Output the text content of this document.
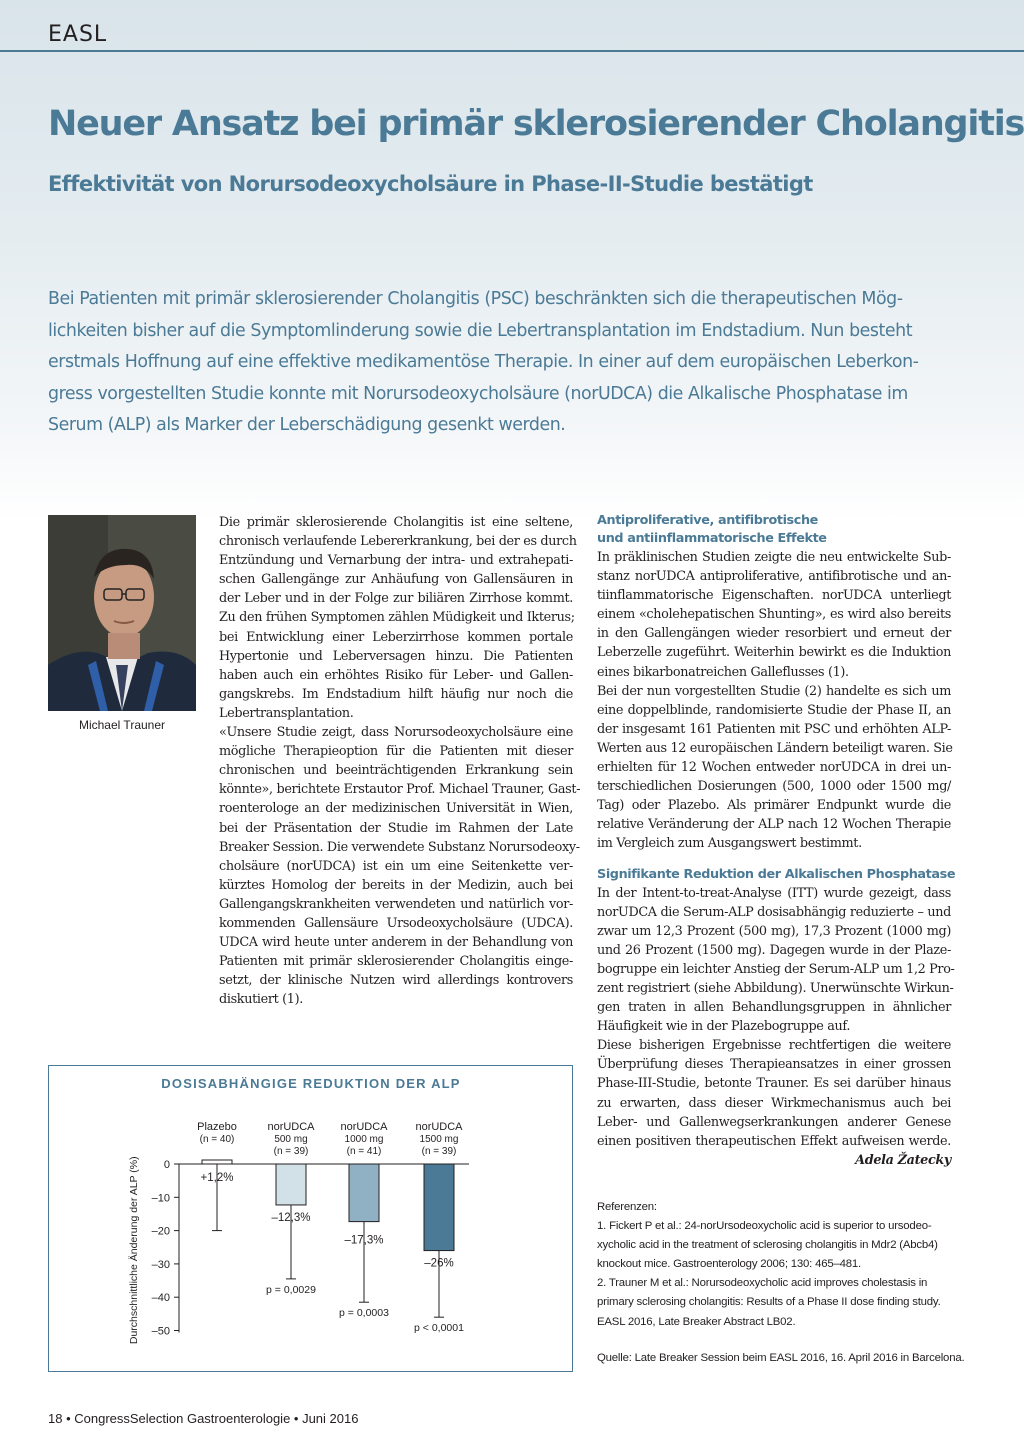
EASL
Neuer Ansatz bei primär sklerosierender Cholangitis
Effektivität von Norursodeoxycholsäure in Phase-II-Studie bestätigt
Bei Patienten mit primär sklerosierender Cholangitis (PSC) beschränkten sich die therapeutischen Mög-
lichkeiten bisher auf die Symptomlinderung sowie die Lebertransplantation im Endstadium. Nun besteht
erstmals Hoffnung auf eine effektive medikamentöse Therapie. In einer auf dem europäischen Leberkon-
gress vorgestellten Studie konnte mit Norursodeoxycholsäure (norUDCA) die Alkalische Phosphatase im
Serum (ALP) als Marker der Leberschädigung gesenkt werden.
Michael Trauner
Die primär sklerosierende Cholangitis ist eine seltene,
chronisch verlaufende Lebererkrankung, bei der es durch
Entzündung und Vernarbung der intra- und extrahepati-
schen Gallengänge zur Anhäufung von Gallensäuren in
der Leber und in der Folge zur biliären Zirrhose kommt.
Zu den frühen Symptomen zählen Müdigkeit und Ikterus;
bei Entwicklung einer Leberzirrhose kommen portale
Hypertonie und Leberversagen hinzu. Die Patienten
haben auch ein erhöhtes Risiko für Leber- und Gallen-
gangskrebs. Im Endstadium hilft häufig nur noch die
Lebertransplantation.
«Unsere Studie zeigt, dass Norursodeoxycholsäure eine
mögliche Therapieoption für die Patienten mit dieser
chronischen und beeinträchtigenden Erkrankung sein
könnte», berichtete Erstautor Prof. Michael Trauner, Gast-
roenterologe an der medizinischen Universität in Wien,
bei der Präsentation der Studie im Rahmen der Late
Breaker Session. Die verwendete Substanz Norursodeoxy-
cholsäure (norUDCA) ist ein um eine Seitenkette ver-
kürztes Homolog der bereits in der Medizin, auch bei
Gallengangskrankheiten verwendeten und natürlich vor-
kommenden Gallensäure Ursodeoxycholsäure (UDCA).
UDCA wird heute unter anderem in der Behandlung von
Patienten mit primär sklerosierender Cholangitis einge-
setzt, der klinische Nutzen wird allerdings kontrovers
diskutiert (1).
Antiproliferative, antifibrotische
und antiinflammatorische Effekte
In präklinischen Studien zeigte die neu entwickelte Sub-
stanz norUDCA antiproliferative, antifibrotische und an-
tiinflammatorische Eigenschaften. norUDCA unterliegt
einem «cholehepatischen Shunting», es wird also bereits
in den Gallengängen wieder resorbiert und erneut der
Leberzelle zugeführt. Weiterhin bewirkt es die Induktion
eines bikarbonatreichen Galleflusses (1).
Bei der nun vorgestellten Studie (2) handelte es sich um
eine doppelblinde, randomisierte Studie der Phase II, an
der insgesamt 161 Patienten mit PSC und erhöhten ALP-
Werten aus 12 europäischen Ländern beteiligt waren. Sie
erhielten für 12 Wochen entweder norUDCA in drei un-
terschiedlichen Dosierungen (500, 1000 oder 1500 mg/
Tag) oder Plazebo. Als primärer Endpunkt wurde die
relative Veränderung der ALP nach 12 Wochen Therapie
im Vergleich zum Ausgangswert bestimmt.
Signifikante Reduktion der Alkalischen Phosphatase
In der Intent-to-treat-Analyse (ITT) wurde gezeigt, dass
norUDCA die Serum-ALP dosisabhängig reduzierte – und
zwar um 12,3 Prozent (500 mg), 17,3 Prozent (1000 mg)
und 26 Prozent (1500 mg). Dagegen wurde in der Plaze-
bogruppe ein leichter Anstieg der Serum-ALP um 1,2 Pro-
zent registriert (siehe Abbildung). Unerwünschte Wirkun-
gen traten in allen Behandlungsgruppen in ähnlicher
Häufigkeit wie in der Plazebogruppe auf.
Diese bisherigen Ergebnisse rechtfertigen die weitere
Überprüfung dieses Therapieansatzes in einer grossen
Phase-III-Studie, betonte Trauner. Es sei darüber hinaus
zu erwarten, dass dieser Wirkmechanismus auch bei
Leber- und Gallenwegserkrankungen anderer Genese
einen positiven therapeutischen Effekt aufweisen werde.
Adela Žatecky
Referenzen:
1. Fickert P et al.: 24-norUrsodeoxycholic acid is superior to ursodeo-
xycholic acid in the treatment of sclerosing cholangitis in Mdr2 (Abcb4)
knockout mice. Gastroenterology 2006; 130: 465–481.
2. Trauner M et al.: Norursodeoxycholic acid improves cholestasis in
primary sclerosing cholangitis: Results of a Phase II dose finding study.
EASL 2016, Late Breaker Abstract LB02.
Quelle: Late Breaker Session beim EASL 2016, 16. April 2016 in Barcelona.
DOSISABHÄNGIGE REDUKTION DER ALP
Durchschnittliche Änderung der ALP (%) 0
–10
–20
–30
–40
–50
Plazebo
(n = 40)
norUDCA
500 mg
(n = 39)
norUDCA
1000 mg
(n = 41)
norUDCA
1500 mg
(n = 39)
+1,2%
–12,3%
p = 0,0029
–17,3%
p = 0,0003
–26%
p < 0,0001
18 • CongressSelection Gastroenterologie • Juni 2016
